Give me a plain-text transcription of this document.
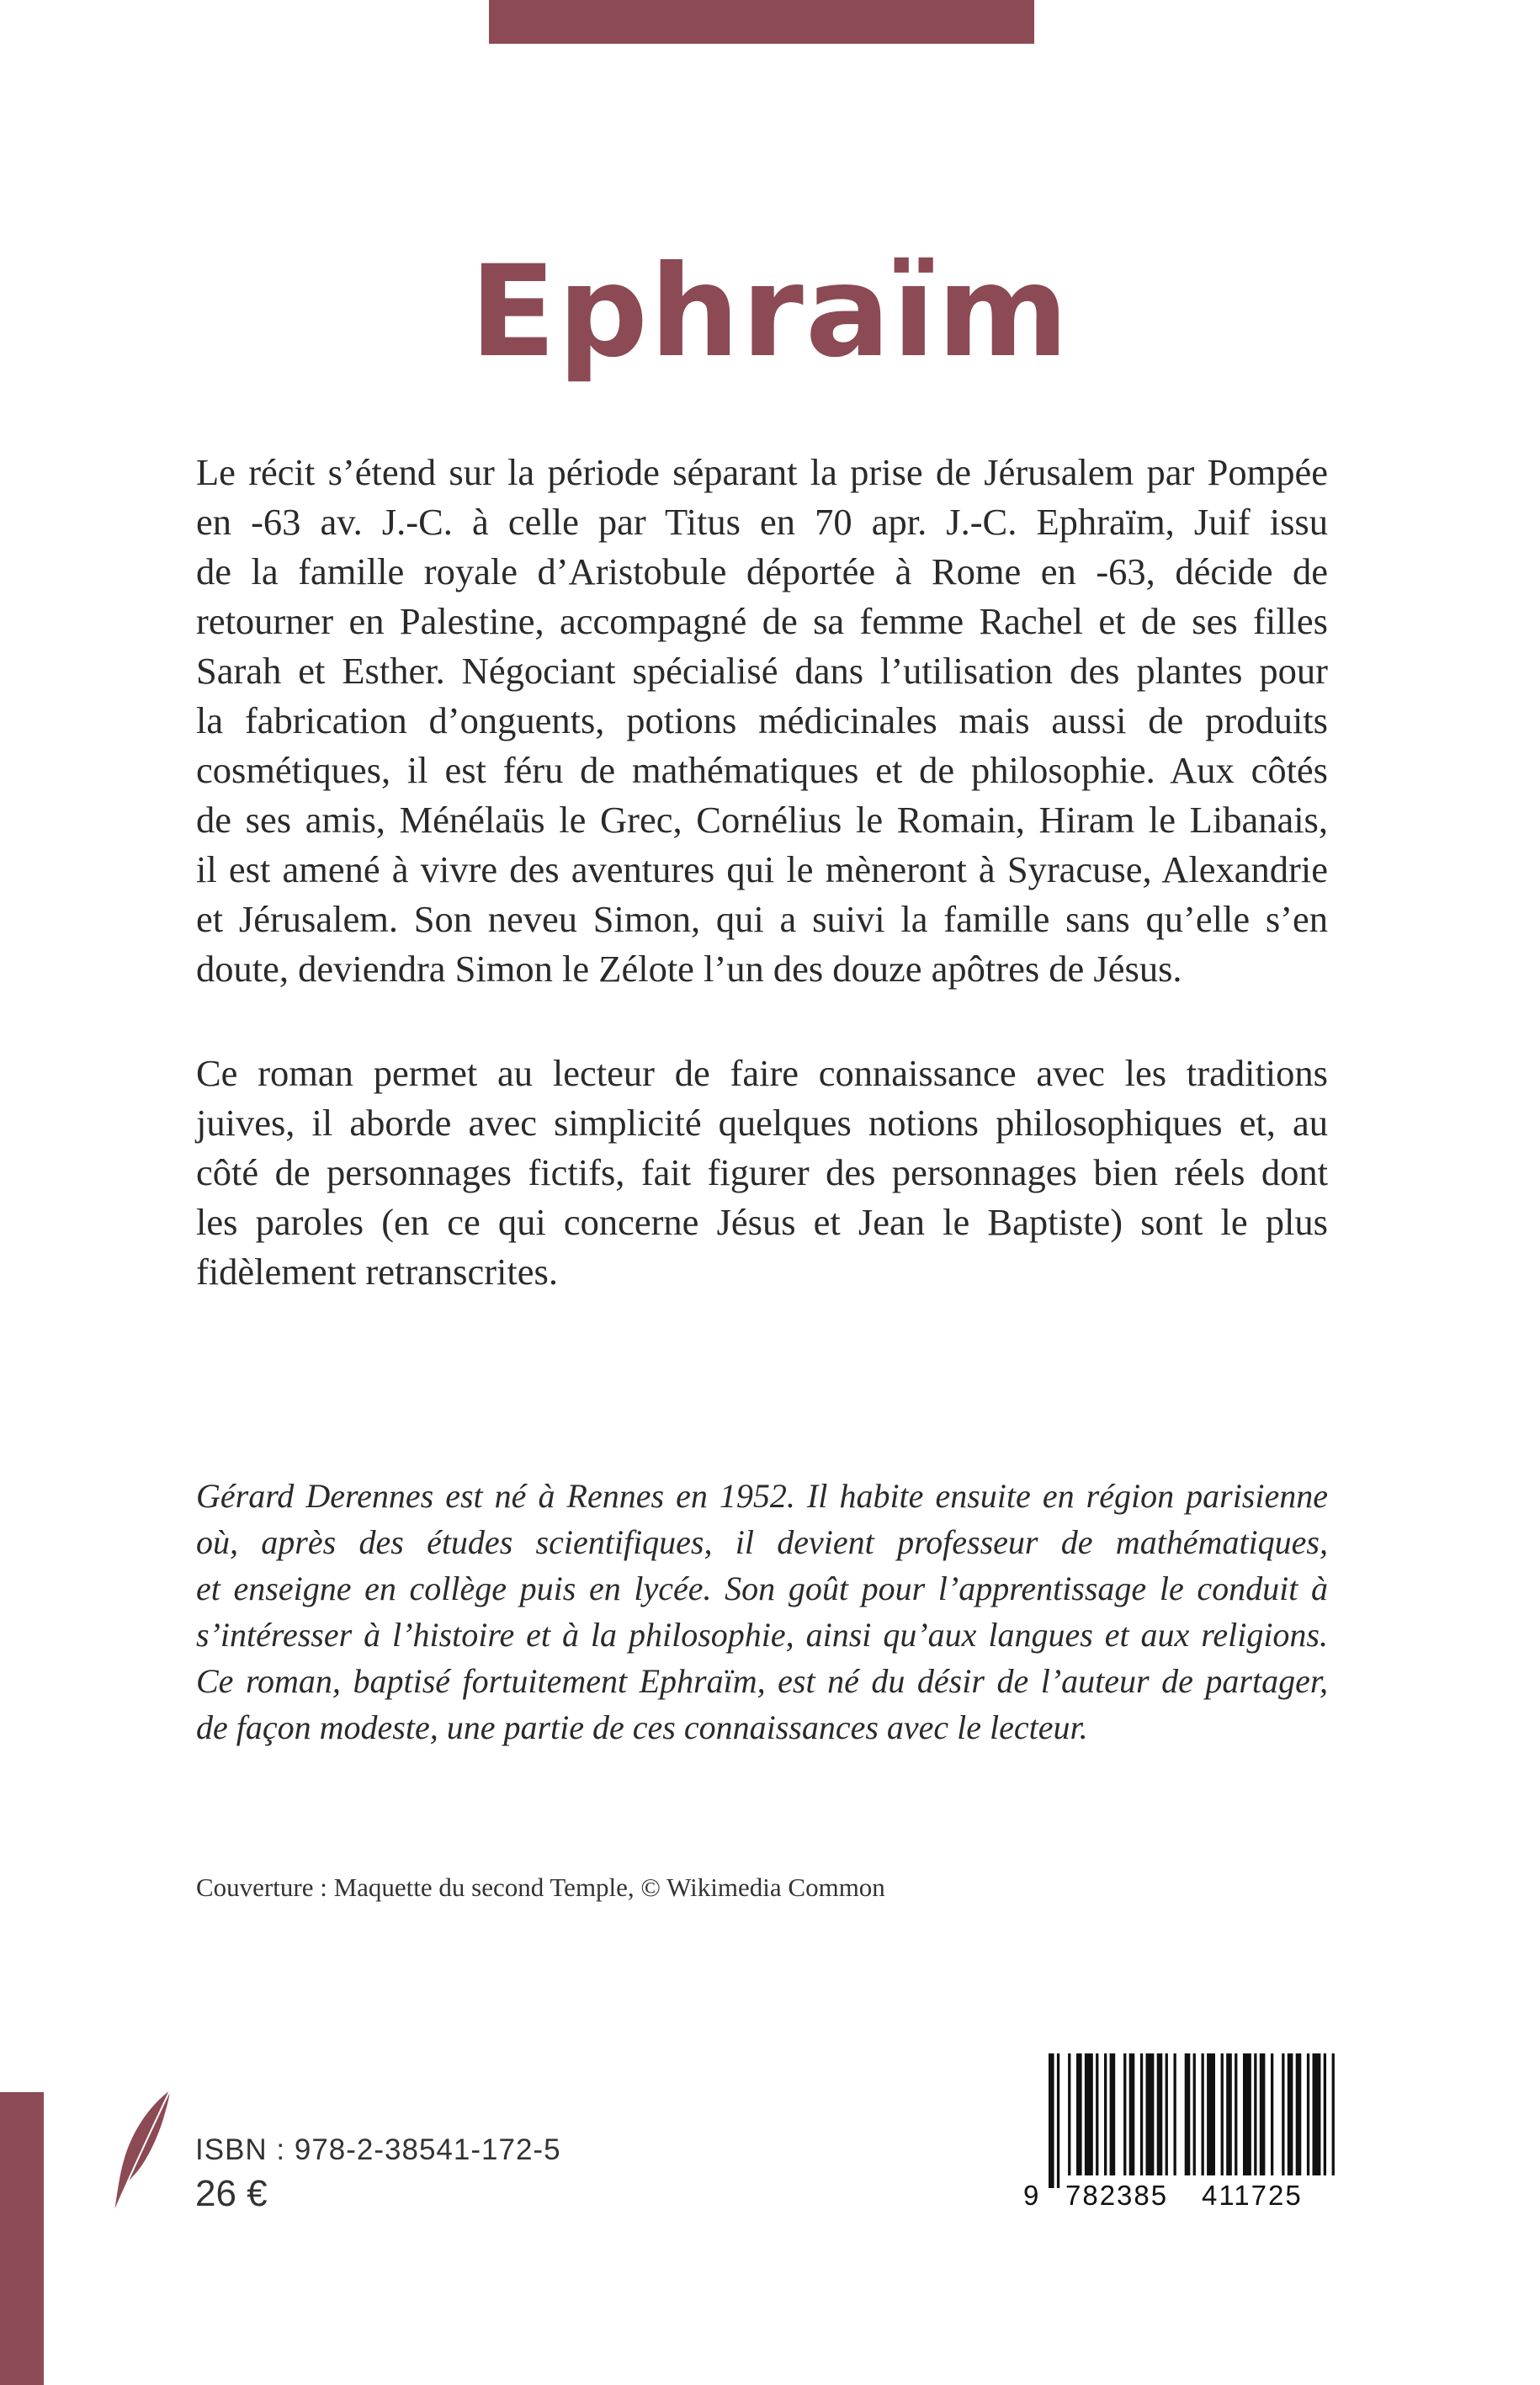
Ephraïm
Le récit s’étend sur la période séparant la prise de Jérusalem par Pompée
en -63 av. J.-C. à celle par Titus en 70 apr. J.-C. Ephraïm, Juif issu
de la famille royale d’Aristobule déportée à Rome en -63, décide de
retourner en Palestine, accompagné de sa femme Rachel et de ses filles
Sarah et Esther. Négociant spécialisé dans l’utilisation des plantes pour
la fabrication d’onguents, potions médicinales mais aussi de produits
cosmétiques, il est féru de mathématiques et de philosophie. Aux côtés
de ses amis, Ménélaüs le Grec, Cornélius le Romain, Hiram le Libanais,
il est amené à vivre des aventures qui le mèneront à Syracuse, Alexandrie
et Jérusalem. Son neveu Simon, qui a suivi la famille sans qu’elle s’en
doute, deviendra Simon le Zélote l’un des douze apôtres de Jésus.
Ce roman permet au lecteur de faire connaissance avec les traditions
juives, il aborde avec simplicité quelques notions philosophiques et, au
côté de personnages fictifs, fait figurer des personnages bien réels dont
les paroles (en ce qui concerne Jésus et Jean le Baptiste) sont le plus
fidèlement retranscrites.
Gérard Derennes est né à Rennes en 1952. Il habite ensuite en région parisienne
où, après des études scientifiques, il devient professeur de mathématiques,
et enseigne en collège puis en lycée. Son goût pour l’apprentissage le conduit à
s’intéresser à l’histoire et à la philosophie, ainsi qu’aux langues et aux religions.
Ce roman, baptisé fortuitement Ephraïm, est né du désir de l’auteur de partager,
de façon modeste, une partie de ces connaissances avec le lecteur.
Couverture : Maquette du second Temple, © Wikimedia Common
ISBN : 978-2-38541-172-5
26 €	9 782385 411725
